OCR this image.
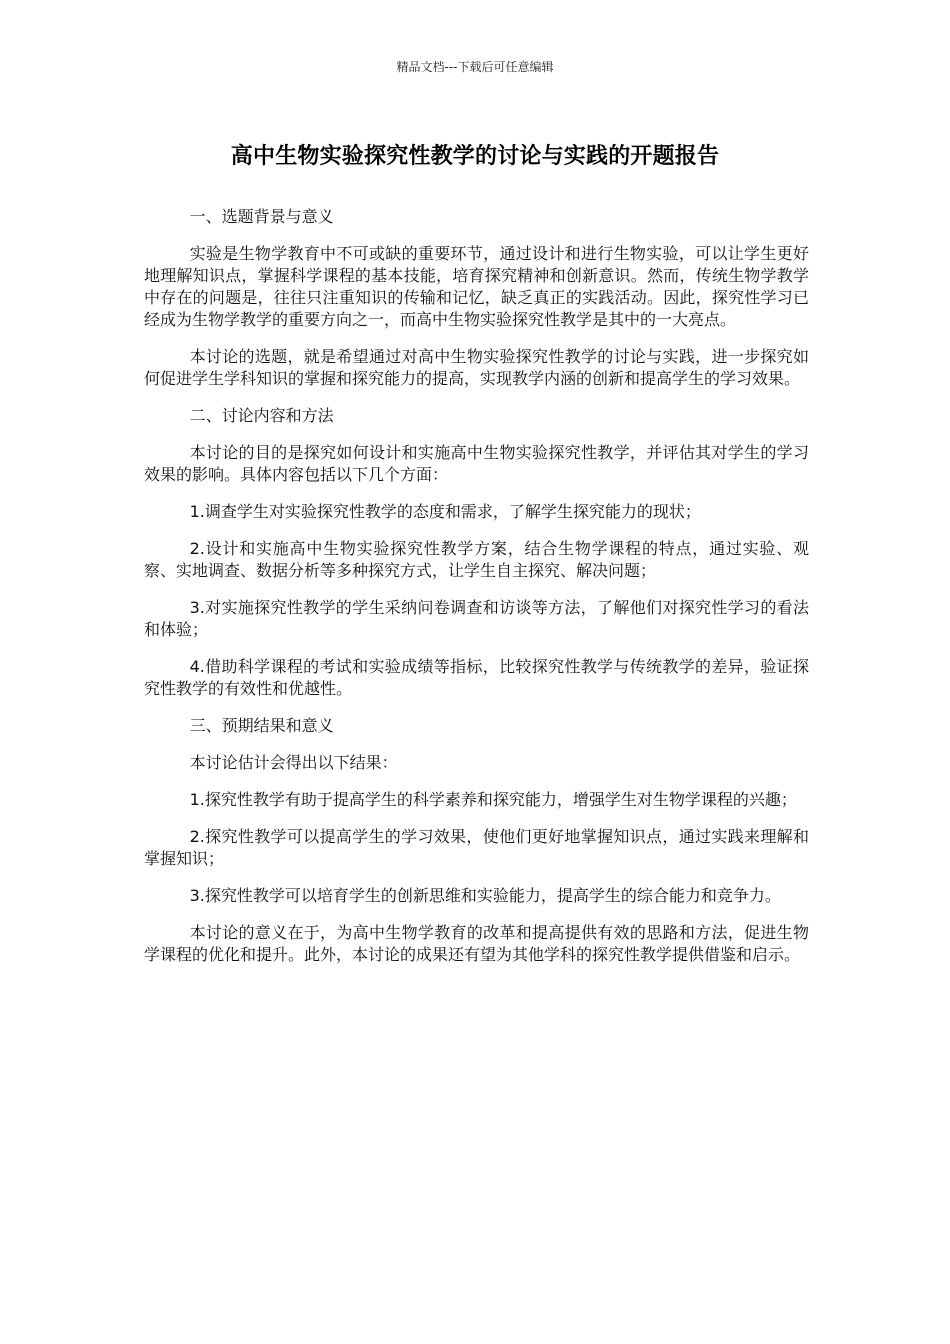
精品文档---下载后可任意编辑
高中生物实验探究性教学的讨论与实践的开题报告

一、选题背景与意义

实验是生物学教育中不可或缺的重要环节，通过设计和进行生物实验，可以让学生更好地理解知识点，掌握科学课程的基本技能，培育探究精神和创新意识。然而，传统生物学教学中存在的问题是，往往只注重知识的传输和记忆，缺乏真正的实践活动。因此，探究性学习已经成为生物学教学的重要方向之一，而高中生物实验探究性教学是其中的一大亮点。

本讨论的选题，就是希望通过对高中生物实验探究性教学的讨论与实践，进一步探究如何促进学生学科知识的掌握和探究能力的提高，实现教学内涵的创新和提高学生的学习效果。

二、讨论内容和方法

本讨论的目的是探究如何设计和实施高中生物实验探究性教学，并评估其对学生的学习效果的影响。具体内容包括以下几个方面：

1.调查学生对实验探究性教学的态度和需求，了解学生探究能力的现状；

2.设计和实施高中生物实验探究性教学方案，结合生物学课程的特点，通过实验、观察、实地调查、数据分析等多种探究方式，让学生自主探究、解决问题；

3.对实施探究性教学的学生采纳问卷调查和访谈等方法，了解他们对探究性学习的看法和体验；

4.借助科学课程的考试和实验成绩等指标，比较探究性教学与传统教学的差异，验证探究性教学的有效性和优越性。

三、预期结果和意义

本讨论估计会得出以下结果：

1.探究性教学有助于提高学生的科学素养和探究能力，增强学生对生物学课程的兴趣；

2.探究性教学可以提高学生的学习效果，使他们更好地掌握知识点，通过实践来理解和掌握知识；

3.探究性教学可以培育学生的创新思维和实验能力，提高学生的综合能力和竞争力。

本讨论的意义在于，为高中生物学教育的改革和提高提供有效的思路和方法，促进生物学课程的优化和提升。此外，本讨论的成果还有望为其他学科的探究性教学提供借鉴和启示。
